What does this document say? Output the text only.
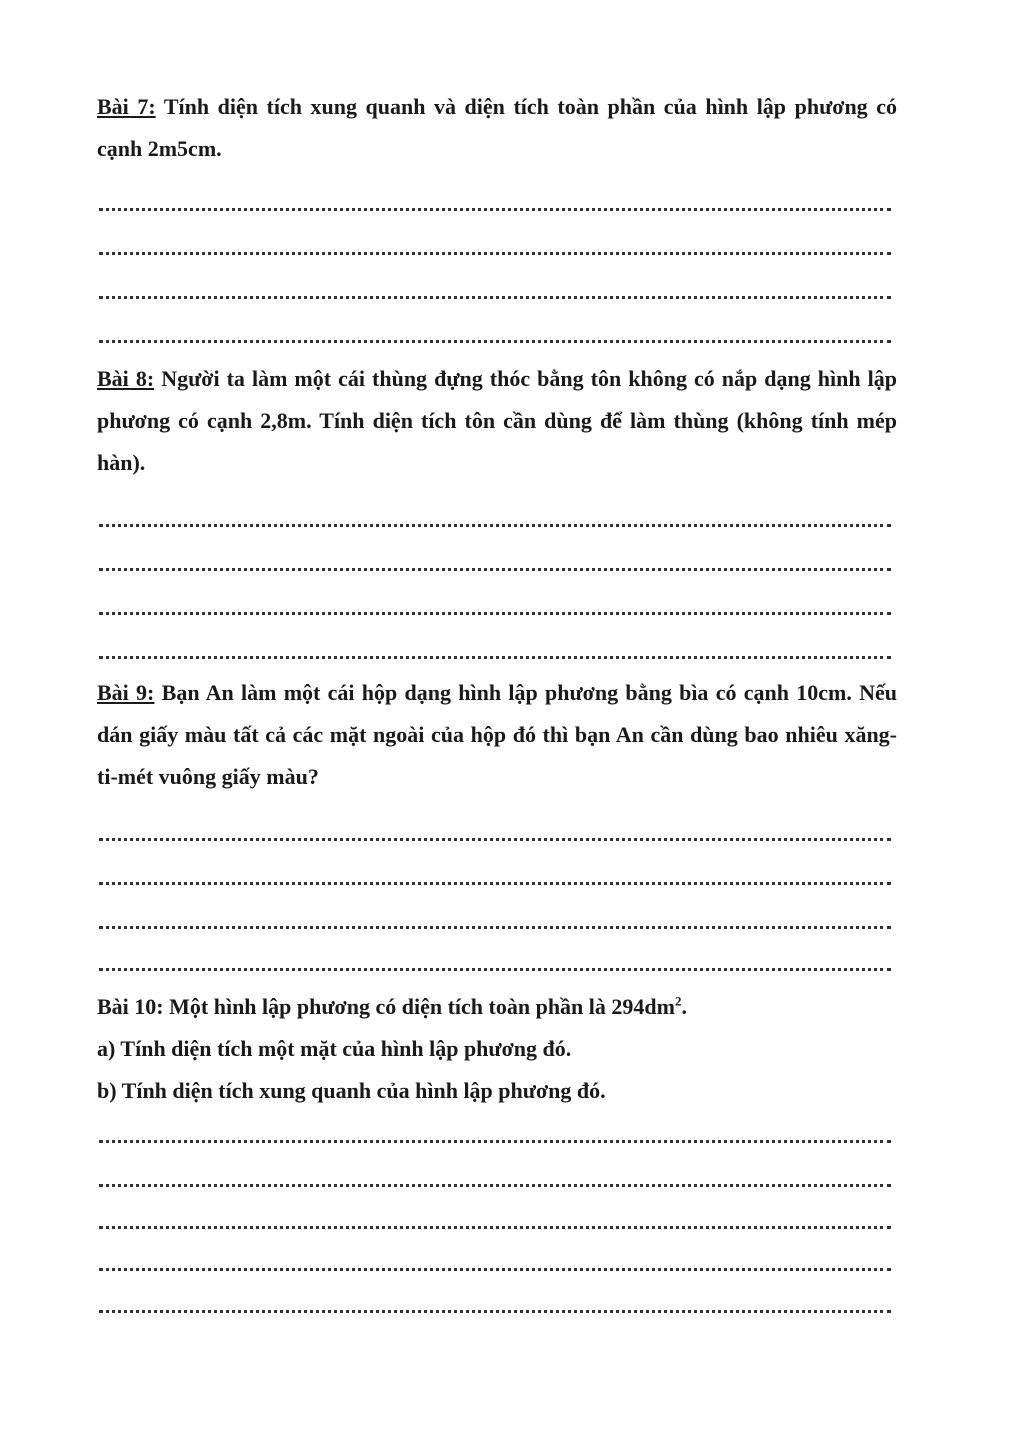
Bài 7: Tính diện tích xung quanh và diện tích toàn phần của hình lập phương có cạnh 2m5cm.

Bài 8: Người ta làm một cái thùng đựng thóc bằng tôn không có nắp dạng hình lập phương có cạnh 2,8m. Tính diện tích tôn cần dùng để làm thùng (không tính mép hàn).

Bài 9: Bạn An làm một cái hộp dạng hình lập phương bằng bìa có cạnh 10cm. Nếu dán giấy màu tất cả các mặt ngoài của hộp đó thì bạn An cần dùng bao nhiêu xăng-ti-mét vuông giấy màu?

Bài 10: Một hình lập phương có diện tích toàn phần là $294dm^2$.

a) Tính diện tích một mặt của hình lập phương đó.
b) Tính diện tích xung quanh của hình lập phương đó.
